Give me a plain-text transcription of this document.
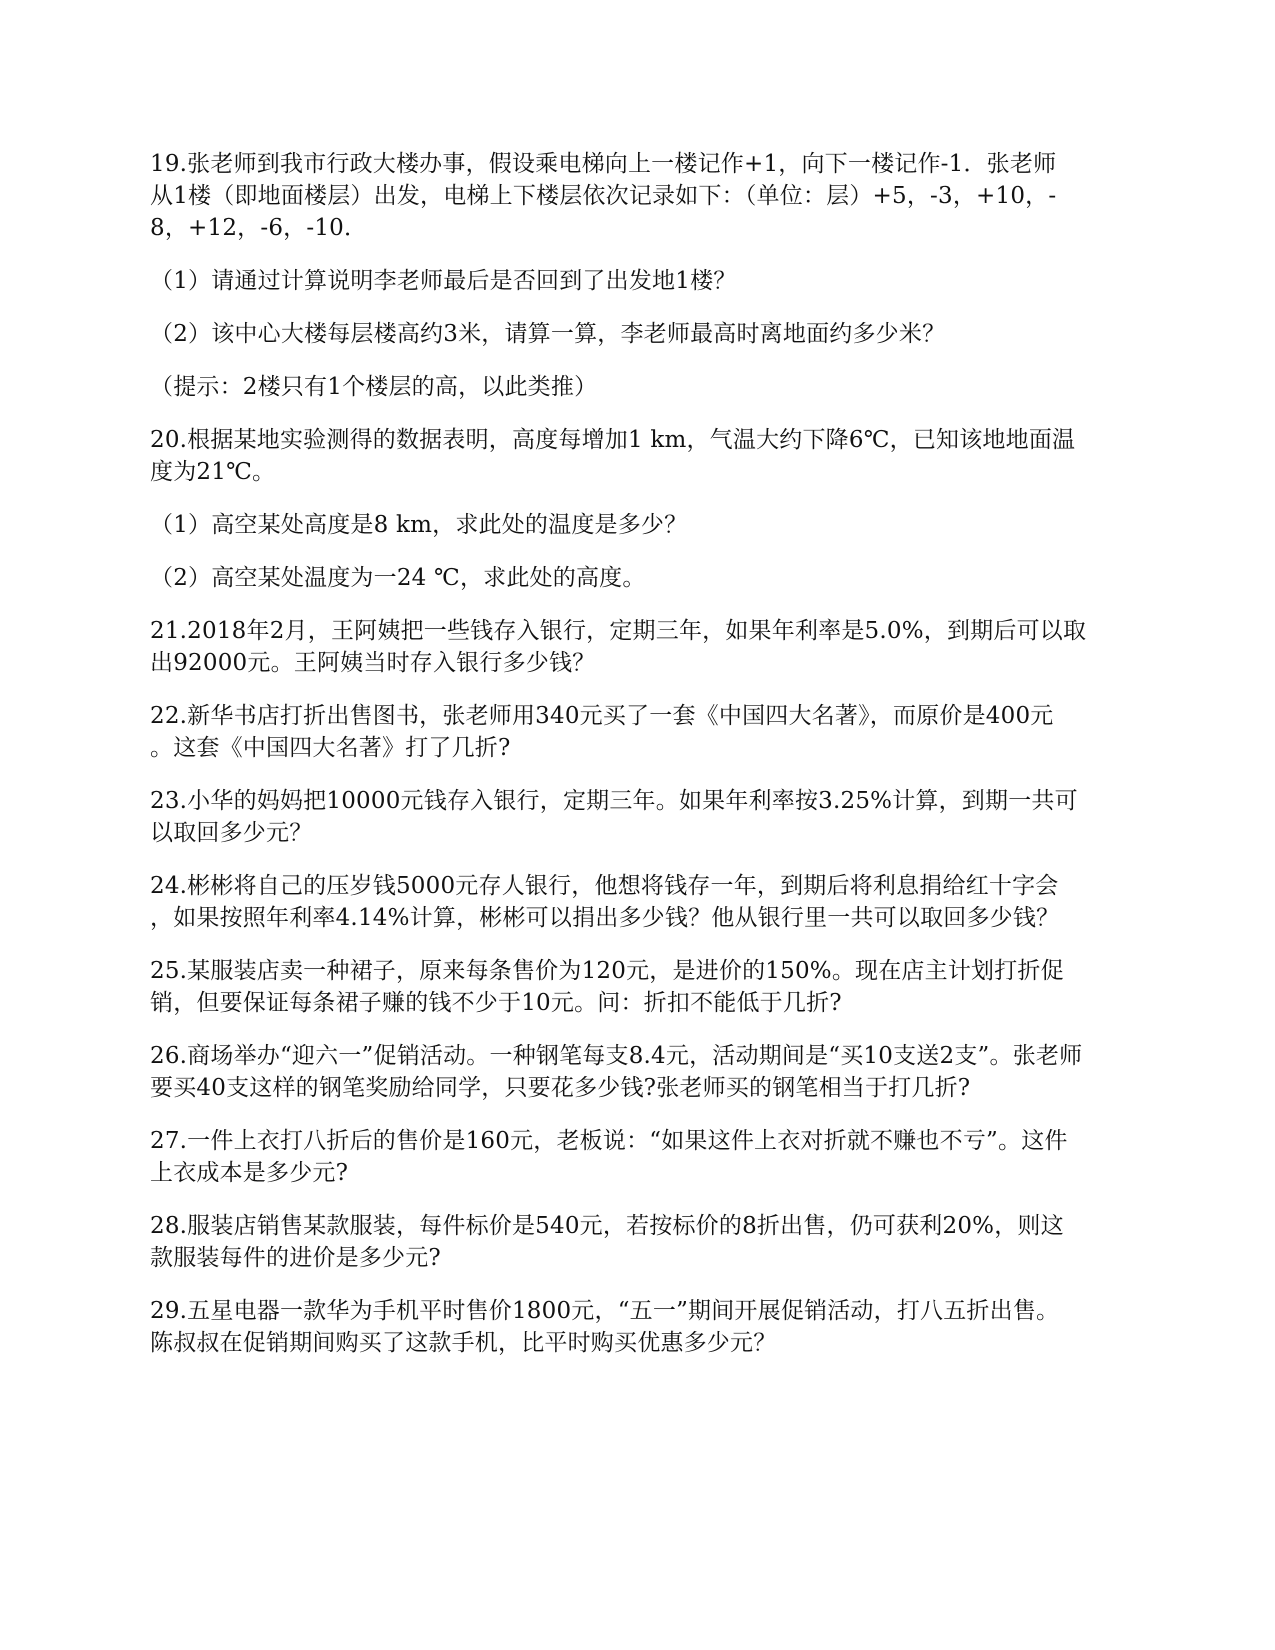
19.张老师到我市行政大楼办事，假设乘电梯向上一楼记作+1，向下一楼记作-1．张老师
从1楼（即地面楼层）出发，电梯上下楼层依次记录如下：（单位：层）+5，-3，+10，-
8，+12，-6，-10．

（1）请通过计算说明李老师最后是否回到了出发地1楼？

（2）该中心大楼每层楼高约3米，请算一算，李老师最高时离地面约多少米？

（提示：2楼只有1个楼层的高，以此类推）

20.根据某地实验测得的数据表明，高度每增加1 km，气温大约下降6℃，已知该地地面温
度为21℃。

（1）高空某处高度是8 km，求此处的温度是多少？

（2）高空某处温度为一24 ℃，求此处的高度。

21.2018年2月，王阿姨把一些钱存入银行，定期三年，如果年利率是5.0%，到期后可以取
出92000元。王阿姨当时存入银行多少钱？

22.新华书店打折出售图书，张老师用340元买了一套《中国四大名著》，而原价是400元
。这套《中国四大名著》打了几折?

23.小华的妈妈把10000元钱存入银行，定期三年。如果年利率按3.25%计算，到期一共可
以取回多少元？

24.彬彬将自己的压岁钱5000元存人银行，他想将钱存一年，到期后将利息捐给红十字会
，如果按照年利率4.14%计算，彬彬可以捐出多少钱？他从银行里一共可以取回多少钱？

25.某服装店卖一种裙子，原来每条售价为120元，是进价的150%。现在店主计划打折促
销，但要保证每条裙子赚的钱不少于10元。问：折扣不能低于几折?

26.商场举办“迎六一”促销活动。一种钢笔每支8.4元，活动期间是“买10支送2支”。张老师
要买40支这样的钢笔奖励给同学，只要花多少钱?张老师买的钢笔相当于打几折?

27.一件上衣打八折后的售价是160元，老板说：“如果这件上衣对折就不赚也不亏”。这件
上衣成本是多少元?

28.服装店销售某款服装，每件标价是540元，若按标价的8折出售，仍可获利20%，则这
款服装每件的进价是多少元?

29.五星电器一款华为手机平时售价1800元，“五一”期间开展促销活动，打八五折出售。
陈叔叔在促销期间购买了这款手机，比平时购买优惠多少元？
